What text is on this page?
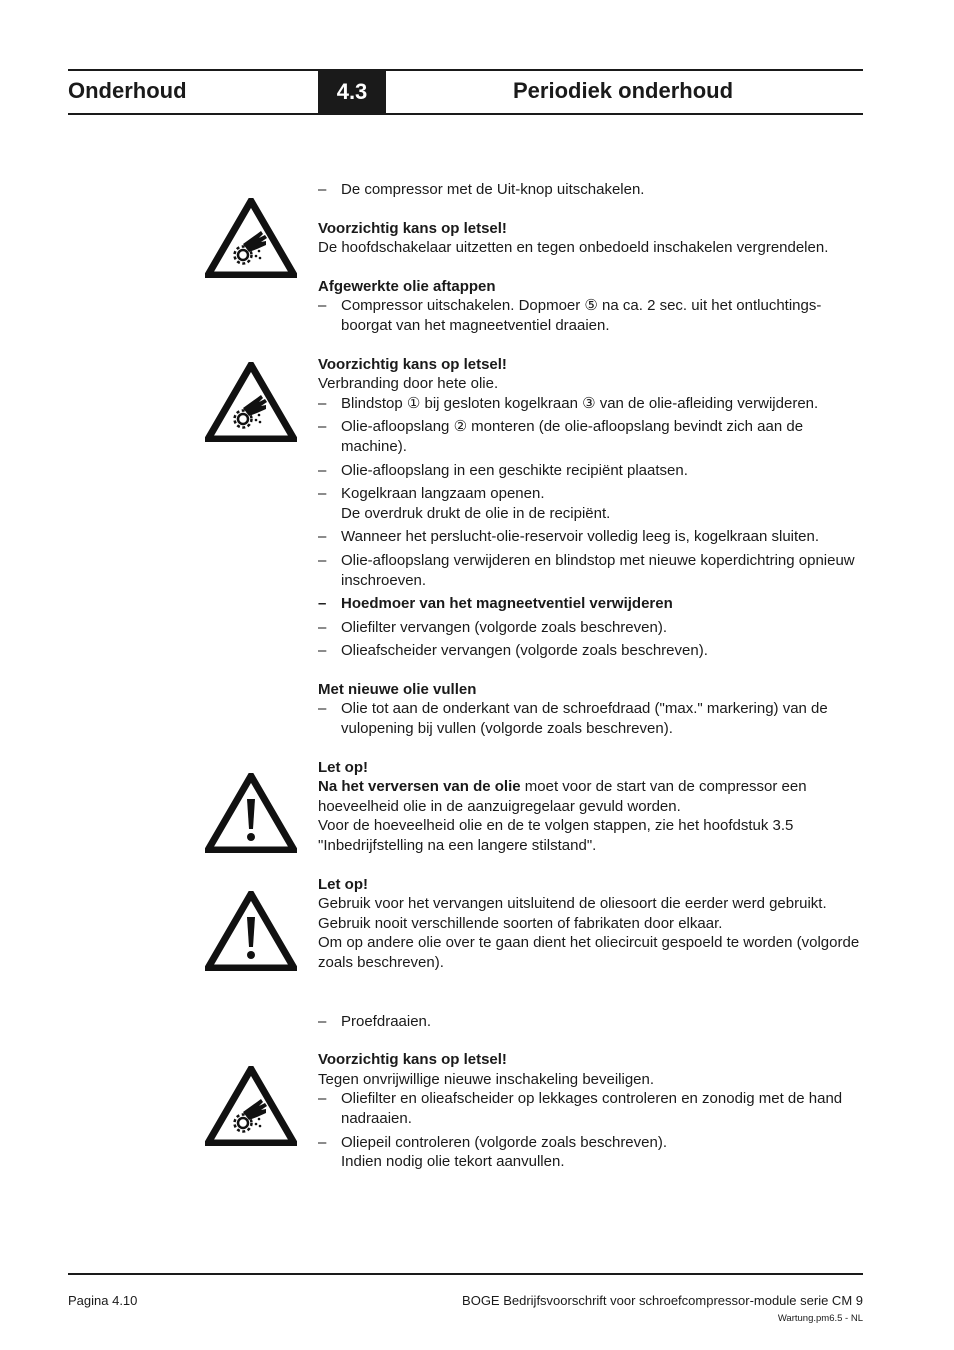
Onderhoud	4.3	Periodiek onderhoud
– De compressor met de Uit-knop uitschakelen.

Voorzichtig kans op letsel!

De hoofdschakelaar uitzetten en tegen onbedoeld inschakelen vergrendelen.

Afgewerkte olie aftappen

– Compressor uitschakelen. Dopmoer ⑤ na ca. 2 sec. uit het ontluchtings-boorgat van het magneetventiel draaien.

Voorzichtig kans op letsel!

Verbranding door hete olie.

– Blindstop ① bij gesloten kogelkraan ③ van de olie-afleiding verwijderen.
– Olie-afloopslang ② monteren (de olie-afloopslang bevindt zich aan de machine).
– Olie-afloopslang in een geschikte recipiënt plaatsen.
– Kogelkraan langzaam openen.
De overdruk drukt de olie in de recipiënt.
– Wanneer het perslucht-olie-reservoir volledig leeg is, kogelkraan sluiten.
– Olie-afloopslang verwijderen en blindstop met nieuwe koperdichtring opnieuw inschroeven.
– Hoedmoer van het magneetventiel verwijderen
– Oliefilter vervangen (volgorde zoals beschreven).
– Olieafscheider vervangen (volgorde zoals beschreven).

Met nieuwe olie vullen

– Olie tot aan de onderkant van de schroefdraad ("max." markering) van de vulopening bij vullen (volgorde zoals beschreven).

Let op!

Na het verversen van de olie moet voor de start van de compressor een hoeveelheid olie in de aanzuigregelaar gevuld worden.

Voor de hoeveelheid olie en de te volgen stappen, zie het hoofdstuk 3.5 "Inbedrijfstelling na een langere stilstand".

Let op!

Gebruik voor het vervangen uitsluitend de oliesoort die eerder werd gebruikt.

Gebruik nooit verschillende soorten of fabrikaten door elkaar.

Om op andere olie over te gaan dient het oliecircuit gespoeld te worden (volgorde zoals beschreven).

– Proefdraaien.

Voorzichtig kans op letsel!

Tegen onvrijwillige nieuwe inschakeling beveiligen.

– Oliefilter en olieafscheider op lekkages controleren en zonodig met de hand nadraaien.
– Oliepeil controleren (volgorde zoals beschreven).
Indien nodig olie tekort aanvullen.
Pagina 4.10	BOGE Bedrijfsvoorschrift voor schroefcompressor-module serie CM 9
Wartung.pm6.5 - NL
